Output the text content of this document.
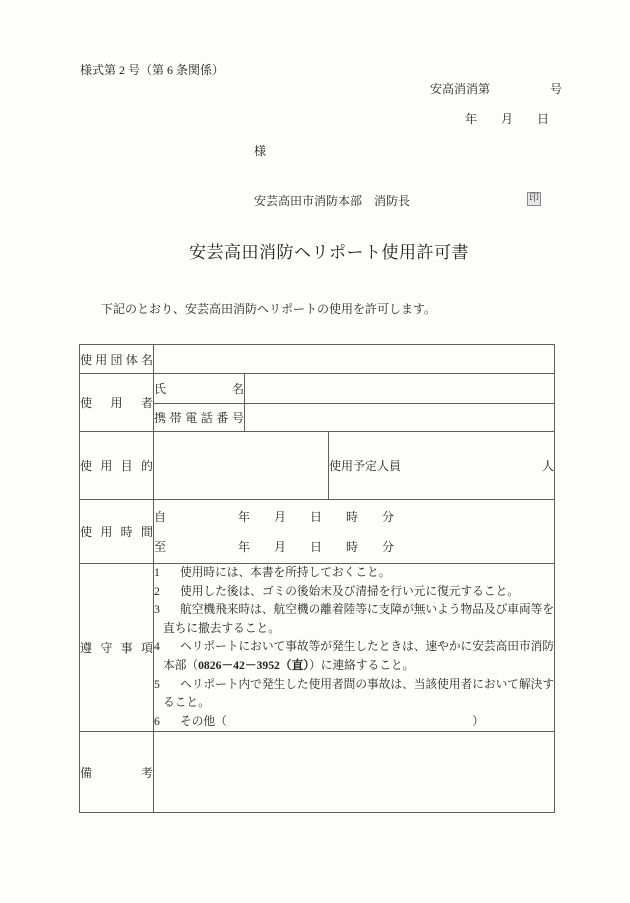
様式第 2 号（第 6 条関係）
安高消消第　　　　　号
年　　月　　日
様
安芸高田市消防本部　消防長	印
安芸高田消防ヘリポート使用許可書
下記のとおり、安芸高田消防ヘリポートの使用を許可します。
使用団体名			

使用者	氏名		

	携帯電話番号		

使用目的			使用予定人員 人

使用時間	自　　　　　　年　　月　　日　　時　　分
至　　　　　　年　　月　　日　　時　　分		

遵守事項

1 使用時には、本書を所持しておくこと。
2 使用した後は、ゴミの後始末及び清掃を行い元に復元すること。
3 航空機飛来時は、航空機の離着陸等に支障が無いよう物品及び車両等を直ちに撤去すること。
4 ヘリポートにおいて事故等が発生したときは、速やかに安芸高田市消防本部（0826－42－3952（直））に連絡すること。
5 ヘリポート内で発生した使用者間の事故は、当該使用者において解決すること。
6 その他（　　　　　　　　　　　　　　　　　　　　　）

備考			
